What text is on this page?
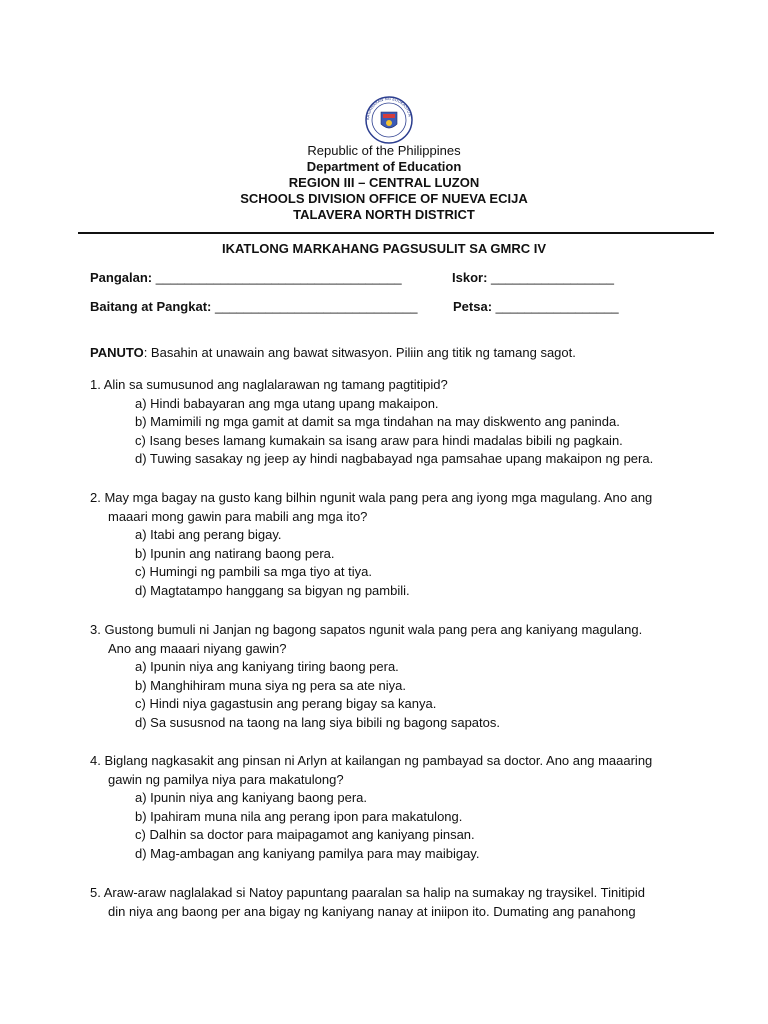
KAGAWARAN NG EDUKASYON
Republic of the Philippines
Department of Education
REGION III – CENTRAL LUZON
SCHOOLS DIVISION OFFICE OF NUEVA ECIJA
TALAVERA NORTH DISTRICT
IKATLONG MARKAHANG PAGSUSULIT SA GMRC IV
Pangalan: __________________________________	Iskor: _________________
Baitang at Pangkat: ____________________________	Petsa: _________________
PANUTO: Basahin at unawain ang bawat sitwasyon. Piliin ang titik ng tamang sagot.
1. Alin sa sumusunod ang naglalarawan ng tamang pagtitipid?
a) Hindi babayaran ang mga utang upang makaipon.
b) Mamimili ng mga gamit at damit sa mga tindahan na may diskwento ang paninda.
c) Isang beses lamang kumakain sa isang araw para hindi madalas bibili ng pagkain.
d) Tuwing sasakay ng jeep ay hindi nagbabayad nga pamsahae upang makaipon ng pera.
2. May mga bagay na gusto kang bilhin ngunit wala pang pera ang iyong mga magulang. Ano ang
maaari mong gawin para mabili ang mga ito?
a) Itabi ang perang bigay.
b) Ipunin ang natirang baong pera.
c) Humingi ng pambili sa mga tiyo at tiya.
d) Magtatampo hanggang sa bigyan ng pambili.
3. Gustong bumuli ni Janjan ng bagong sapatos ngunit wala pang pera ang kaniyang magulang.
Ano ang maaari niyang gawin?
a) Ipunin niya ang kaniyang tiring baong pera.
b) Manghihiram muna siya ng pera sa ate niya.
c) Hindi niya gagastusin ang perang bigay sa kanya.
d) Sa sususnod na taong na lang siya bibili ng bagong sapatos.
4. Biglang nagkasakit ang pinsan ni Arlyn at kailangan ng pambayad sa doctor. Ano ang maaaring
gawin ng pamilya niya para makatulong?
a) Ipunin niya ang kaniyang baong pera.
b) Ipahiram muna nila ang perang ipon para makatulong.
c) Dalhin sa doctor para maipagamot ang kaniyang pinsan.
d) Mag-ambagan ang kaniyang pamilya para may maibigay.
5. Araw-araw naglalakad si Natoy papuntang paaralan sa halip na sumakay ng traysikel. Tinitipid
din niya ang baong per ana bigay ng kaniyang nanay at iniipon ito. Dumating ang panahong
